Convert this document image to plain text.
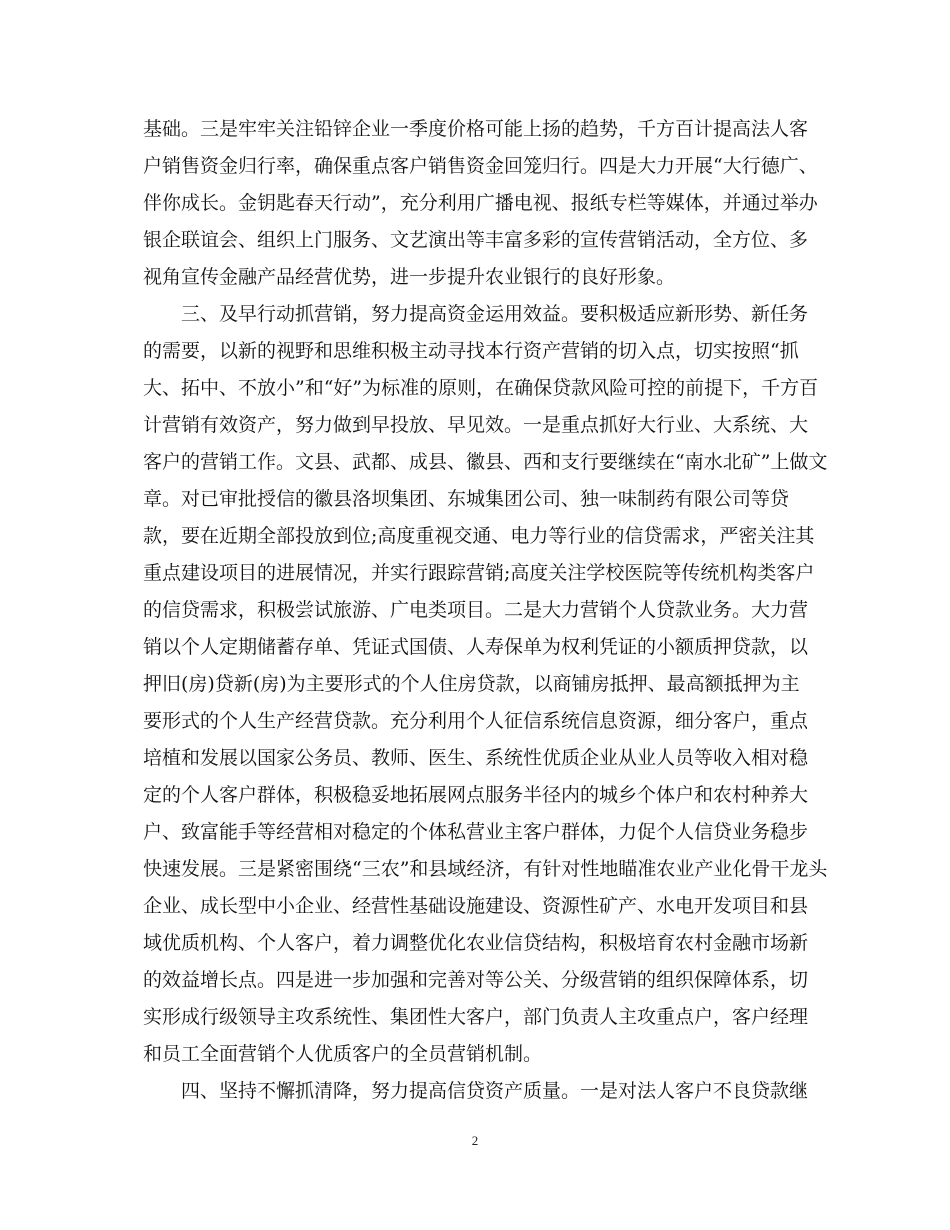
基础。三是牢牢关注铅锌企业一季度价格可能上扬的趋势，千方百计提高法人客
户销售资金归行率，确保重点客户销售资金回笼归行。四是大力开展“大行德广、
伴你成长。金钥匙春天行动”，充分利用广播电视、报纸专栏等媒体，并通过举办
银企联谊会、组织上门服务、文艺演出等丰富多彩的宣传营销活动，全方位、多
视角宣传金融产品经营优势，进一步提升农业银行的良好形象。
三、及早行动抓营销，努力提高资金运用效益。要积极适应新形势、新任务
的需要，以新的视野和思维积极主动寻找本行资产营销的切入点，切实按照“抓
大、拓中、不放小”和“好”为标准的原则，在确保贷款风险可控的前提下，千方百
计营销有效资产，努力做到早投放、早见效。一是重点抓好大行业、大系统、大
客户的营销工作。文县、武都、成县、徽县、西和支行要继续在“南水北矿”上做文
章。对已审批授信的徽县洛坝集团、东城集团公司、独一味制药有限公司等贷
款，要在近期全部投放到位;高度重视交通、电力等行业的信贷需求，严密关注其
重点建设项目的进展情况，并实行跟踪营销;高度关注学校医院等传统机构类客户
的信贷需求，积极尝试旅游、广电类项目。二是大力营销个人贷款业务。大力营
销以个人定期储蓄存单、凭证式国债、人寿保单为权利凭证的小额质押贷款，以
押旧(房)贷新(房)为主要形式的个人住房贷款，以商铺房抵押、最高额抵押为主
要形式的个人生产经营贷款。充分利用个人征信系统信息资源，细分客户，重点
培植和发展以国家公务员、教师、医生、系统性优质企业从业人员等收入相对稳
定的个人客户群体，积极稳妥地拓展网点服务半径内的城乡个体户和农村种养大
户、致富能手等经营相对稳定的个体私营业主客户群体，力促个人信贷业务稳步
快速发展。三是紧密围绕“三农”和县域经济，有针对性地瞄准农业产业化骨干龙头
企业、成长型中小企业、经营性基础设施建设、资源性矿产、水电开发项目和县
域优质机构、个人客户，着力调整优化农业信贷结构，积极培育农村金融市场新
的效益增长点。四是进一步加强和完善对等公关、分级营销的组织保障体系，切
实形成行级领导主攻系统性、集团性大客户，部门负责人主攻重点户，客户经理
和员工全面营销个人优质客户的全员营销机制。
四、坚持不懈抓清降，努力提高信贷资产质量。一是对法人客户不良贷款继
2
